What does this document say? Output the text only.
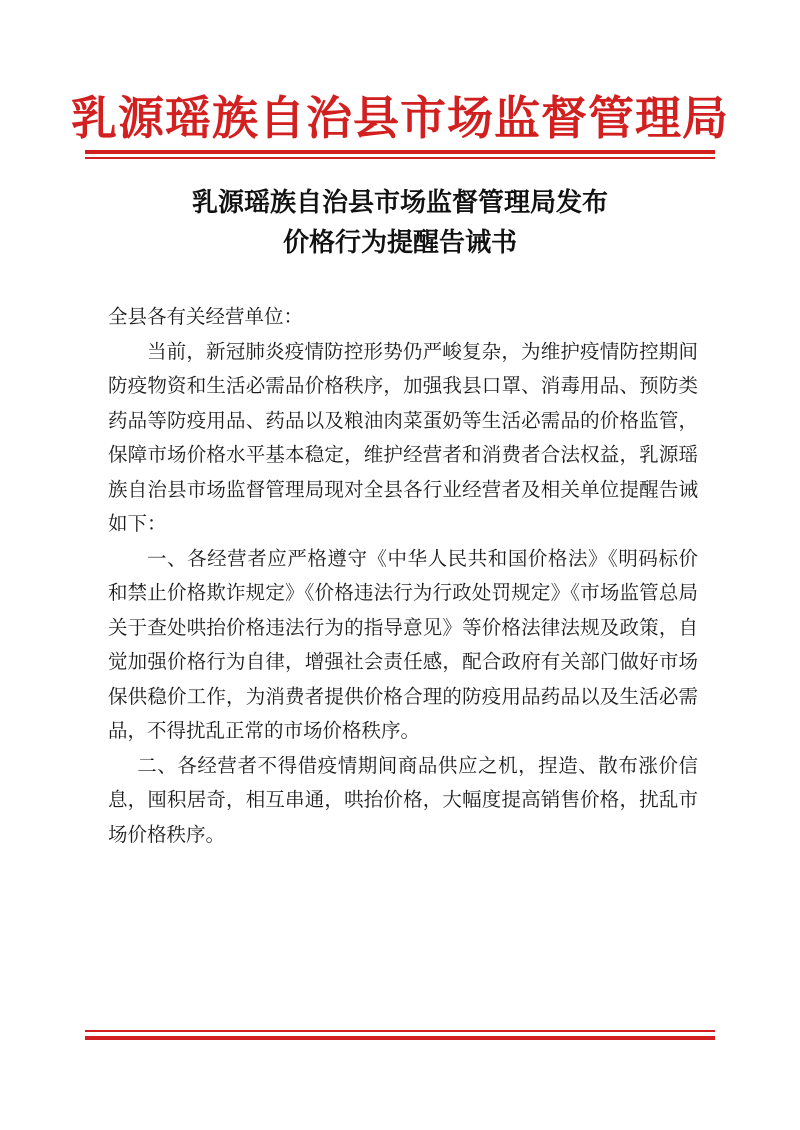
乳源瑶族自治县市场监督管理局
乳源瑶族自治县市场监督管理局发布
价格行为提醒告诫书

全县各有关经营单位：

当前，新冠肺炎疫情防控形势仍严峻复杂，为维护疫情防控期间防疫物资和生活必需品价格秩序，加强我县口罩、消毒用品、预防类药品等防疫用品、药品以及粮油肉菜蛋奶等生活必需品的价格监管，保障市场价格水平基本稳定，维护经营者和消费者合法权益，乳源瑶族自治县市场监督管理局现对全县各行业经营者及相关单位提醒告诫如下：

一、各经营者应严格遵守《中华人民共和国价格法》《明码标价和禁止价格欺诈规定》《价格违法行为行政处罚规定》《市场监管总局关于查处哄抬价格违法行为的指导意见》等价格法律法规及政策，自觉加强价格行为自律，增强社会责任感，配合政府有关部门做好市场保供稳价工作，为消费者提供价格合理的防疫用品药品以及生活必需品，不得扰乱正常的市场价格秩序。

二、各经营者不得借疫情期间商品供应之机，捏造、散布涨价信息，囤积居奇，相互串通，哄抬价格，大幅度提高销售价格，扰乱市场价格秩序。
